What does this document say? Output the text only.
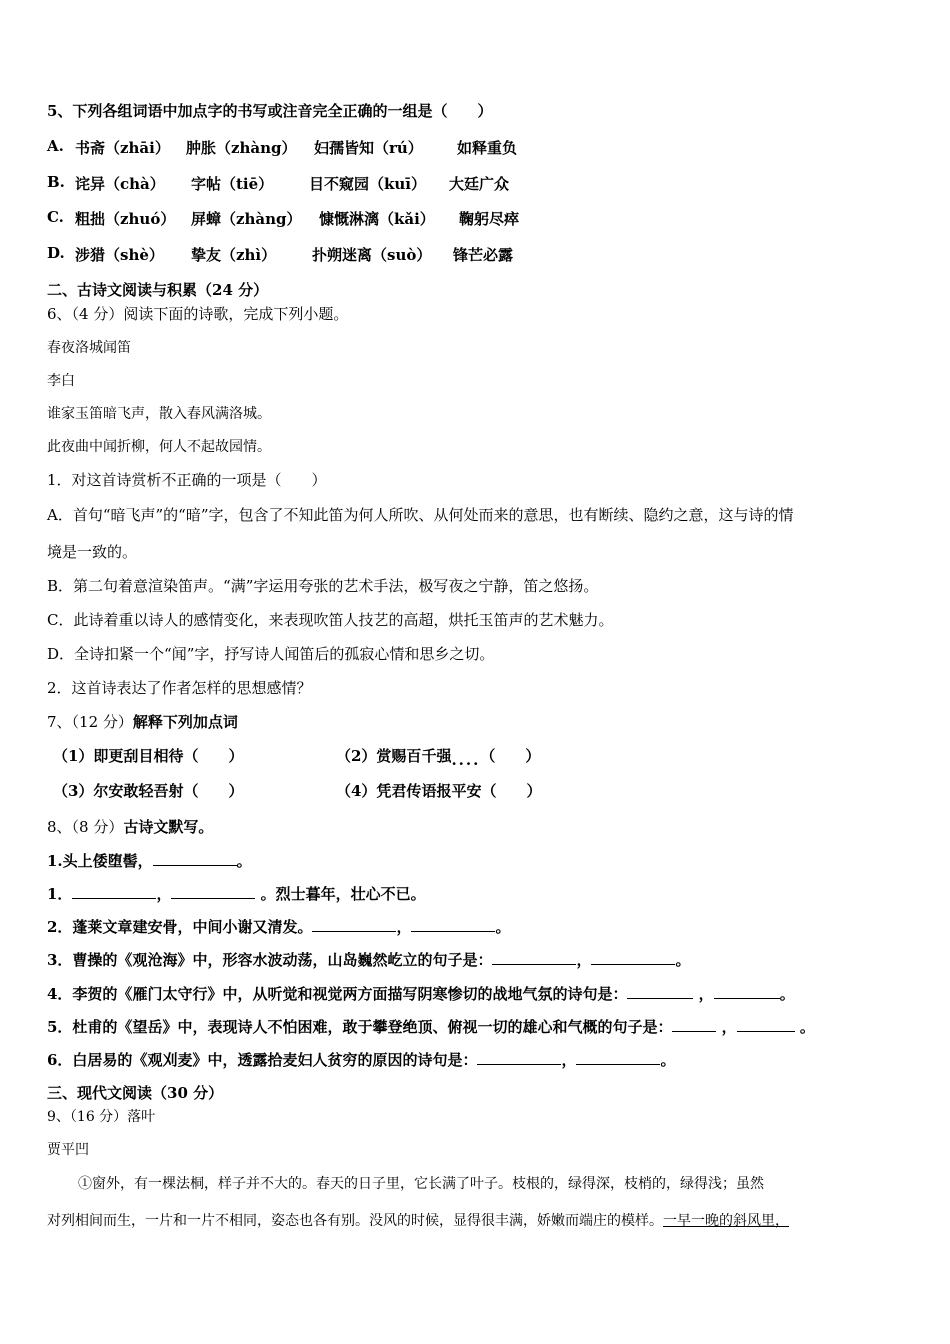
5、下列各组词语中加点字的书写或注音完全正确的一组是（　　）
A. 书斋（zhāi） 肿胀（zhàng） 妇孺皆知（rú） 如释重负
B. 诧异（chà） 字帖（tiē） 目不窥园（kuī） 大廷广众
C. 粗拙（zhuó） 屏蟑（zhàng） 慷慨淋漓（kǎi） 鞠躬尽瘁
D. 涉猎（shè） 挚友（zhì） 扑朔迷离（suò） 锋芒必露
二、古诗文阅读与积累（24 分）
6、（4 分）阅读下面的诗歌，完成下列小题。
春夜洛城闻笛
李白
谁家玉笛暗飞声，散入春风满洛城。
此夜曲中闻折柳，何人不起故园情。
1．对这首诗赏析不正确的一项是（　　）
A．首句“暗飞声”的“暗”字，包含了不知此笛为何人所吹、从何处而来的意思，也有断续、隐约之意，这与诗的情
境是一致的。
B．第二句着意渲染笛声。“满”字运用夸张的艺术手法，极写夜之宁静，笛之悠扬。
C．此诗着重以诗人的感情变化，来表现吹笛人技艺的高超，烘托玉笛声的艺术魅力。
D．全诗扣紧一个“闻”字，抒写诗人闻笛后的孤寂心情和思乡之切。
2．这首诗表达了作者怎样的思想感情？
7、（12 分）解释下列加点词
（1）即更刮目相待（　　）	（2）赏赐百千强....（　　）
（3）尔安敢轻吾射（　　）	（4）凭君传语报平安（　　）
8、（8 分）古诗文默写。
1.头上倭堕髻，	。
1．	，	。烈士暮年，壮心不已。
2．蓬莱文章建安骨，中间小谢又清发。	，	。
3．曹操的《观沧海》中，形容水波动荡，山岛巍然屹立的句子是：	，	。
4．李贺的《雁门太守行》中，从听觉和视觉两方面描写阴寒惨切的战地气氛的诗句是：	，	。
5．杜甫的《望岳》中，表现诗人不怕困难，敢于攀登绝顶、俯视一切的雄心和气概的句子是：	，	。
6．白居易的《观刈麦》中，透露拾麦妇人贫穷的原因的诗句是：	，	。
三、现代文阅读（30 分）
9、（16 分）落叶
贾平凹
①窗外，有一棵法桐，样子并不大的。春天的日子里，它长满了叶子。枝根的，绿得深，枝梢的，绿得浅；虽然
对列相间而生，一片和一片不相同，姿态也各有别。没风的时候，显得很丰满，娇嫩而端庄的模样。一早一晚的斜风里，
